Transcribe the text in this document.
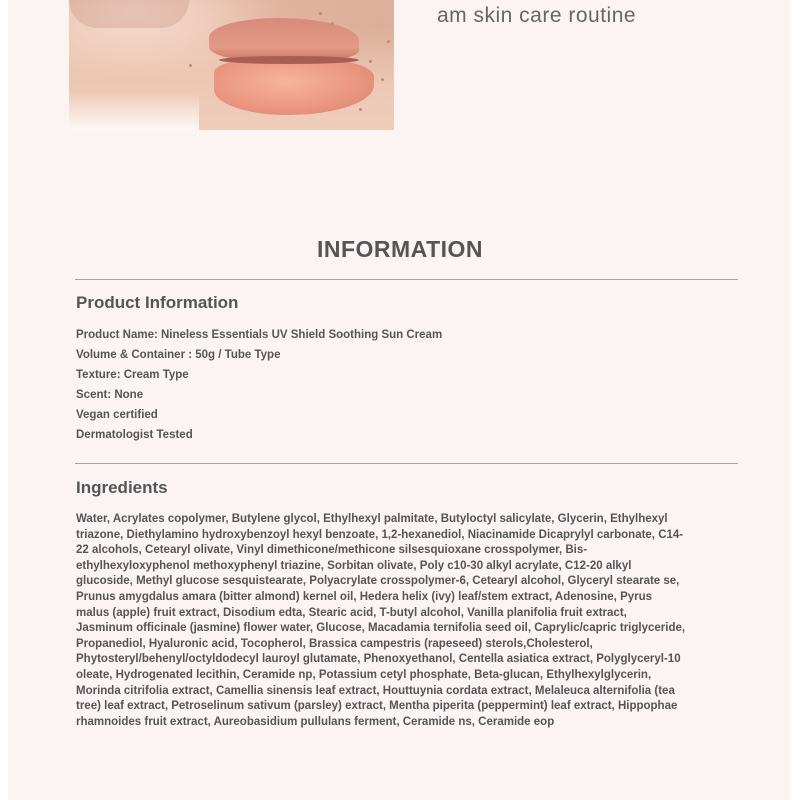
am skin care routine
INFORMATION
Product Information
Product Name: Nineless Essentials UV Shield Soothing Sun Cream
Volume & Container : 50g / Tube Type
Texture: Cream Type
Scent: None
Vegan certified
Dermatologist Tested
Ingredients

Water, Acrylates copolymer, Butylene glycol, Ethylhexyl palmitate, Butyloctyl salicylate, Glycerin, Ethylhexyl triazone, Diethylamino hydroxybenzoyl hexyl benzoate, 1,2-hexanediol, Niacinamide Dicaprylyl carbonate, C14-22 alcohols, Cetearyl olivate, Vinyl dimethicone/methicone silsesquioxane crosspolymer, Bis-ethylhexyloxyphenol methoxyphenyl triazine, Sorbitan olivate, Poly c10-30 alkyl acrylate, C12-20 alkyl glucoside, Methyl glucose sesquistearate, Polyacrylate crosspolymer-6, Cetearyl alcohol, Glyceryl stearate se, Prunus amygdalus amara (bitter almond) kernel oil, Hedera helix (ivy) leaf/stem extract, Adenosine, Pyrus malus (apple) fruit extract, Disodium edta, Stearic acid, T-butyl alcohol, Vanilla planifolia fruit extract, Jasminum officinale (jasmine) flower water, Glucose, Macadamia ternifolia seed oil, Caprylic/capric triglyceride, Propanediol, Hyaluronic acid, Tocopherol, Brassica campestris (rapeseed) sterols,Cholesterol, Phytosteryl/behenyl/octyldodecyl lauroyl glutamate, Phenoxyethanol, Centella asiatica extract, Polyglyceryl-10 oleate, Hydrogenated lecithin, Ceramide np, Potassium cetyl phosphate, Beta-glucan, Ethylhexylglycerin, Morinda citrifolia extract, Camellia sinensis leaf extract, Houttuynia cordata extract, Melaleuca alternifolia (tea tree) leaf extract, Petroselinum sativum (parsley) extract, Mentha piperita (peppermint) leaf extract, Hippophae rhamnoides fruit extract, Aureobasidium pullulans ferment, Ceramide ns, Ceramide eop
